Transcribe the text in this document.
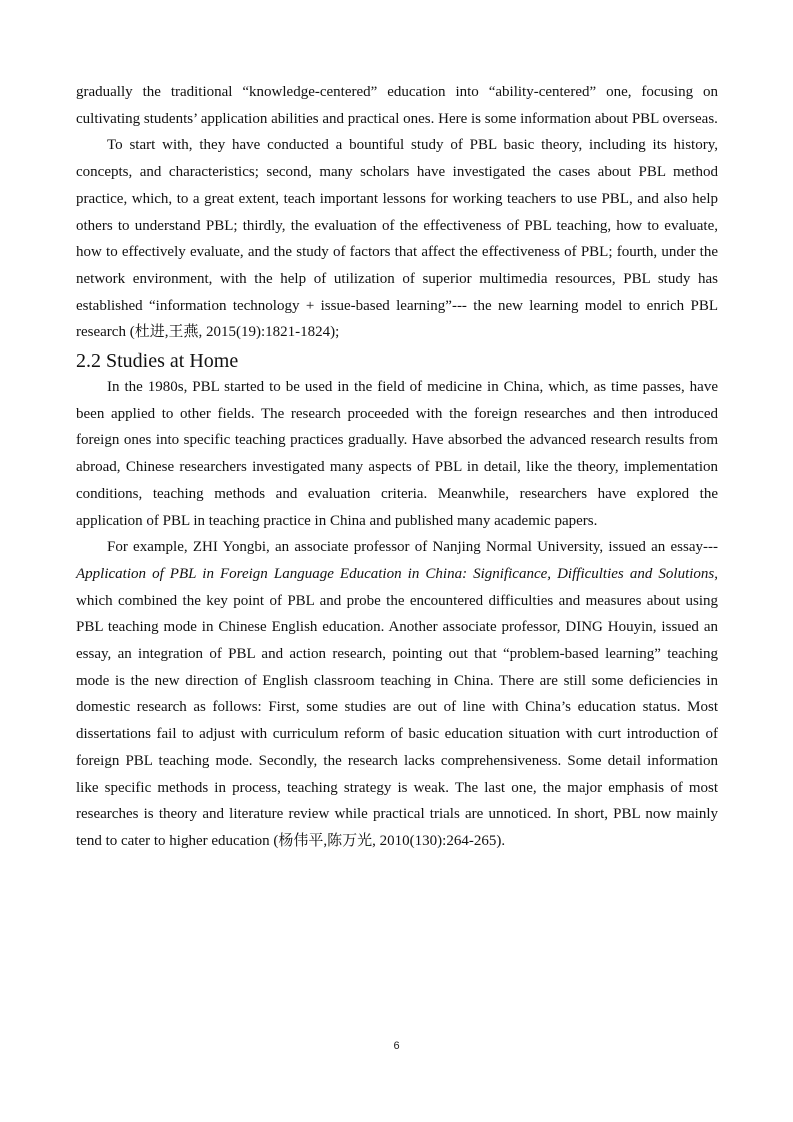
gradually the traditional “knowledge-centered” education into “ability-centered” one, focusing on cultivating students’ application abilities and practical ones. Here is some information about PBL overseas.

To start with, they have conducted a bountiful study of PBL basic theory, including its history, concepts, and characteristics; second, many scholars have investigated the cases about PBL method practice, which, to a great extent, teach important lessons for working teachers to use PBL, and also help others to understand PBL; thirdly, the evaluation of the effectiveness of PBL teaching, how to evaluate, how to effectively evaluate, and the study of factors that affect the effectiveness of PBL; fourth, under the network environment, with the help of utilization of superior multimedia resources, PBL study has established “information technology + issue-based learning”--- the new learning model to enrich PBL research (杜进,王燕, 2015(19):1821-1824);

2.2 Studies at Home

In the 1980s, PBL started to be used in the field of medicine in China, which, as time passes, have been applied to other fields. The research proceeded with the foreign researches and then introduced foreign ones into specific teaching practices gradually. Have absorbed the advanced research results from abroad, Chinese researchers investigated many aspects of PBL in detail, like the theory, implementation conditions, teaching methods and evaluation criteria. Meanwhile, researchers have explored the application of PBL in teaching practice in China and published many academic papers.

For example, ZHI Yongbi, an associate professor of Nanjing Normal University, issued an essay---Application of PBL in Foreign Language Education in China: Significance, Difficulties and Solutions, which combined the key point of PBL and probe the encountered difficulties and measures about using PBL teaching mode in Chinese English education. Another associate professor, DING Houyin, issued an essay, an integration of PBL and action research, pointing out that “problem-based learning” teaching mode is the new direction of English classroom teaching in China. There are still some deficiencies in domestic research as follows: First, some studies are out of line with China’s education status. Most dissertations fail to adjust with curriculum reform of basic education situation with curt introduction of foreign PBL teaching mode. Secondly, the research lacks comprehensiveness. Some detail information like specific methods in process, teaching strategy is weak. The last one, the major emphasis of most researches is theory and literature review while practical trials are unnoticed. In short, PBL now mainly tend to cater to higher education (杨伟平,陈万光, 2010(130):264-265).

6
